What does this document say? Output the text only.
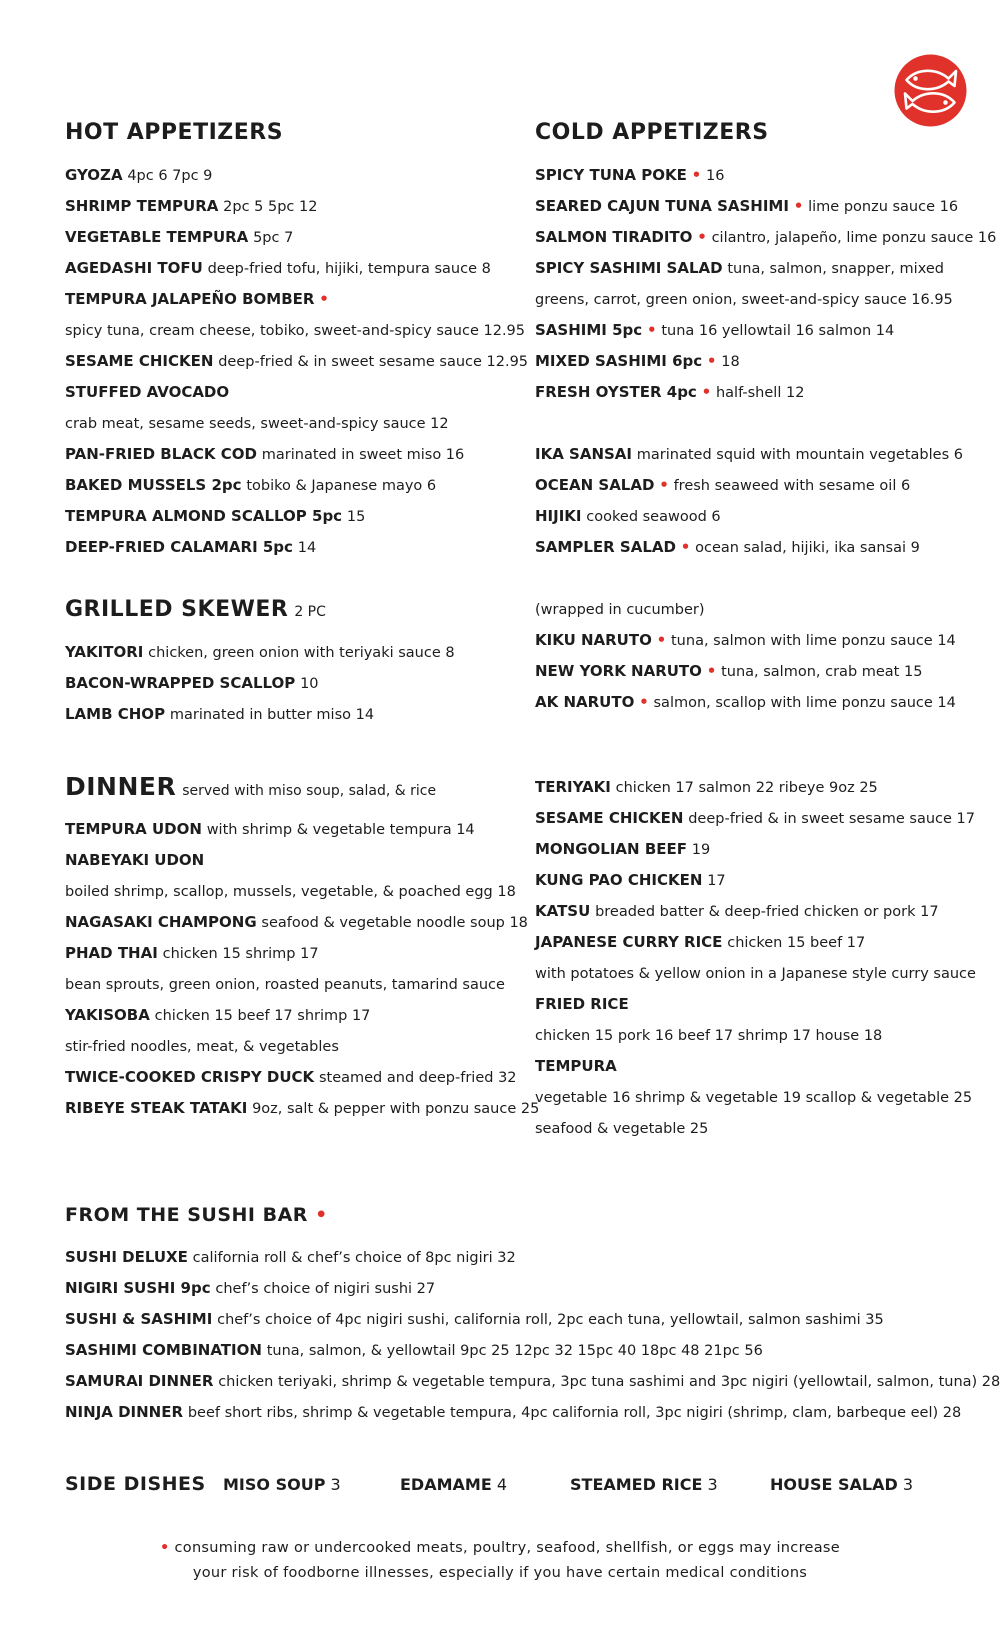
HOT APPETIZERS
GYOZA 4pc 6 7pc 9
SHRIMP TEMPURA 2pc 5 5pc 12
VEGETABLE TEMPURA 5pc 7
AGEDASHI TOFU deep-fried tofu, hijiki, tempura sauce 8
TEMPURA JALAPEÑO BOMBER •
spicy tuna, cream cheese, tobiko, sweet-and-spicy sauce 12.95
SESAME CHICKEN deep-fried & in sweet sesame sauce 12.95
STUFFED AVOCADO
crab meat, sesame seeds, sweet-and-spicy sauce 12
PAN-FRIED BLACK COD marinated in sweet miso 16
BAKED MUSSELS 2pc tobiko & Japanese mayo 6
TEMPURA ALMOND SCALLOP 5pc 15
DEEP-FRIED CALAMARI 5pc 14
GRILLED SKEWER 2 PC
YAKITORI chicken, green onion with teriyaki sauce 8
BACON-WRAPPED SCALLOP 10
LAMB CHOP marinated in butter miso 14
COLD APPETIZERS
SPICY TUNA POKE • 16
SEARED CAJUN TUNA SASHIMI • lime ponzu sauce 16
SALMON TIRADITO • cilantro, jalapeño, lime ponzu sauce 16
SPICY SASHIMI SALAD tuna, salmon, snapper, mixed
greens, carrot, green onion, sweet-and-spicy sauce 16.95
SASHIMI 5pc • tuna 16 yellowtail 16 salmon 14
MIXED SASHIMI 6pc • 18
FRESH OYSTER 4pc • half-shell 12
IKA SANSAI marinated squid with mountain vegetables 6
OCEAN SALAD • fresh seaweed with sesame oil 6
HIJIKI cooked seawood 6
SAMPLER SALAD • ocean salad, hijiki, ika sansai 9
(wrapped in cucumber)
KIKU NARUTO • tuna, salmon with lime ponzu sauce 14
NEW YORK NARUTO • tuna, salmon, crab meat 15
AK NARUTO • salmon, scallop with lime ponzu sauce 14
DINNER served with miso soup, salad, & rice
TEMPURA UDON with shrimp & vegetable tempura 14
NABEYAKI UDON
boiled shrimp, scallop, mussels, vegetable, & poached egg 18
NAGASAKI CHAMPONG seafood & vegetable noodle soup 18
PHAD THAI chicken 15 shrimp 17
bean sprouts, green onion, roasted peanuts, tamarind sauce
YAKISOBA chicken 15 beef 17 shrimp 17
stir-fried noodles, meat, & vegetables
TWICE-COOKED CRISPY DUCK steamed and deep-fried 32
RIBEYE STEAK TATAKI 9oz, salt & pepper with ponzu sauce 25
TERIYAKI chicken 17 salmon 22 ribeye 9oz 25
SESAME CHICKEN deep-fried & in sweet sesame sauce 17
MONGOLIAN BEEF 19
KUNG PAO CHICKEN 17
KATSU breaded batter & deep-fried chicken or pork 17
JAPANESE CURRY RICE chicken 15 beef 17
with potatoes & yellow onion in a Japanese style curry sauce
FRIED RICE
chicken 15 pork 16 beef 17 shrimp 17 house 18
TEMPURA
vegetable 16 shrimp & vegetable 19 scallop & vegetable 25
seafood & vegetable 25
FROM THE SUSHI BAR •
SUSHI DELUXE california roll & chef’s choice of 8pc nigiri 32
NIGIRI SUSHI 9pc chef’s choice of nigiri sushi 27
SUSHI & SASHIMI chef’s choice of 4pc nigiri sushi, california roll, 2pc each tuna, yellowtail, salmon sashimi 35
SASHIMI COMBINATION tuna, salmon, & yellowtail 9pc 25 12pc 32 15pc 40 18pc 48 21pc 56
SAMURAI DINNER chicken teriyaki, shrimp & vegetable tempura, 3pc tuna sashimi and 3pc nigiri (yellowtail, salmon, tuna) 28
NINJA DINNER beef short ribs, shrimp & vegetable tempura, 4pc california roll, 3pc nigiri (shrimp, clam, barbeque eel) 28
SIDE DISHES MISO SOUP 3	EDAMAME 4	STEAMED RICE 3	HOUSE SALAD 3
• consuming raw or undercooked meats, poultry, seafood, shellfish, or eggs may increase
your risk of foodborne illnesses, especially if you have certain medical conditions
